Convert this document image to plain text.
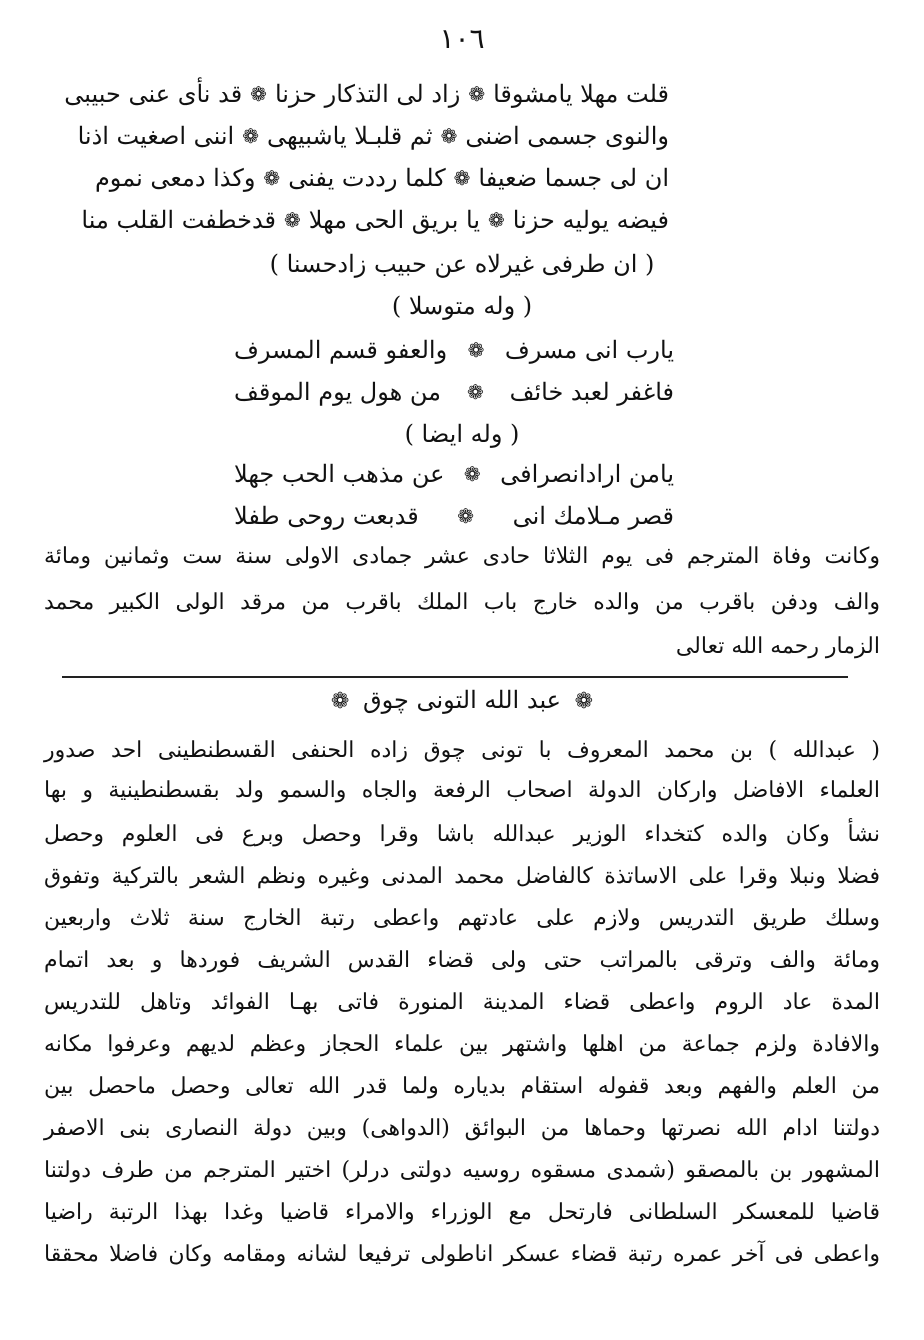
١٠٦
قلت مهلا يامشوقا
❁
زاد لى التذكار حزنا
❁
قد نأى عنى حبيبى
والنوى جسمى اضنى
❁
ثم قلبـلا ياشبيهى
❁
اننى اصغيت اذنا
ان لى جسما ضعيفا
❁
كلما رددت يفنى
❁
وكذا دمعى نموم
فيضه يوليه حزنا
❁
يا بريق الحى مهلا
❁
قدخطفت القلب منا
( ان طرفى غيرلاه عن حبيب زادحسنا )
( وله متوسلا )
يارب انى مسرف
❁
والعفو قسم المسرف
فاغفر لعبد خائف
❁
من هول يوم الموقف
( وله ايضا )
يامن ارادانصرافى
❁
عن مذهب الحب جهلا
قصر مـلامك انى
❁
قدبعت روحى طفلا
وكانت وفاة المترجم فى يوم الثلاثا حادى عشر جمادى الاولى سنة ست وثمانين ومائة
والف ودفن باقرب من والده خارج باب الملك باقرب من مرقد الولى الكبير محمد
الزمار رحمه الله تعالى
❁ عبد الله التونى چوق ❁
( عبدالله ) بن محمد المعروف با تونى چوق زاده الحنفى القسطنطينى احد صدور
العلماء الافاضل واركان الدولة اصحاب الرفعة والجاه والسمو ولد بقسطنطينية و بها
نشأ وكان والده كتخداء الوزير عبدالله باشا وقرا وحصل وبرع فى العلوم وحصل
فضلا ونبلا وقرا على الاساتذة كالفاضل محمد المدنى وغيره ونظم الشعر بالتركية وتفوق
وسلك طريق التدريس ولازم على عادتهم واعطى رتبة الخارج سنة ثلاث واربعين
ومائة والف وترقى بالمراتب حتى ولى قضاء القدس الشريف فوردها و بعد اتمام
المدة عاد الروم واعطى قضاء المدينة المنورة فاتى بهـا الفوائد وتاهل للتدريس
والافادة ولزم جماعة من اهلها واشتهر بين علماء الحجاز وعظم لديهم وعرفوا مكانه
من العلم والفهم وبعد قفوله استقام بدياره ولما قدر الله تعالى وحصل ماحصل بين
دولتنا ادام الله نصرتها وحماها من البوائق (الدواهى) وبين دولة النصارى بنى الاصفر
المشهور بن بالمصقو (شمدى مسقوه روسيه دولتى درلر) اختير المترجم من طرف دولتنا
قاضيا للمعسكر السلطانى فارتحل مع الوزراء والامراء قاضيا وغدا بهذا الرتبة راضيا
واعطى فى آخر عمره رتبة قضاء عسكر اناطولى ترفيعا لشانه ومقامه وكان فاضلا محققا
